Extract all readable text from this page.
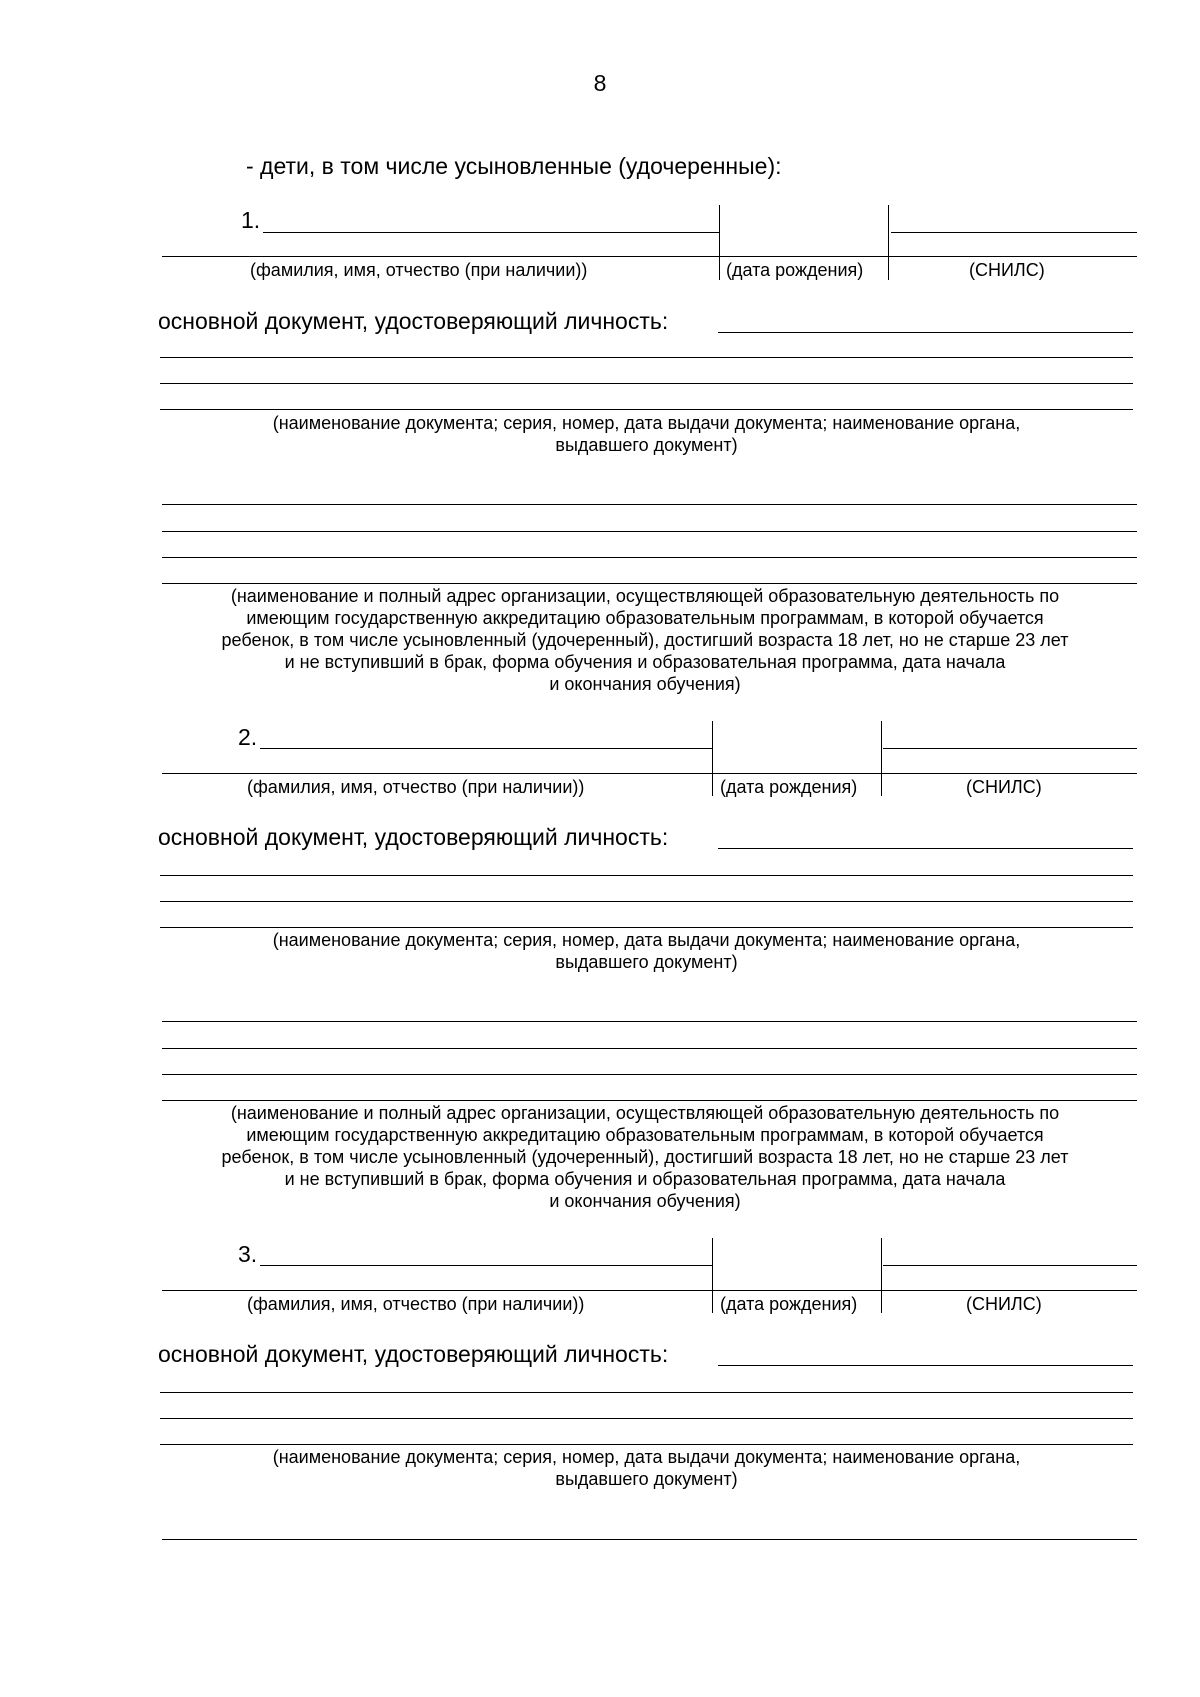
8
- дети, в том числе усыновленные (удочеренные):
1.
(фамилия, имя, отчество (при наличии))	(дата рождения)	(СНИЛС)
основной документ, удостоверяющий личность:
(наименование документа; серия, номер, дата выдачи документа; наименование органа,
выдавшего документ)
(наименование и полный адрес организации, осуществляющей образовательную деятельность по
имеющим государственную аккредитацию образовательным программам, в которой обучается
ребенок, в том числе усыновленный (удочеренный), достигший возраста 18 лет, но не старше 23 лет
и не вступивший в брак, форма обучения и образовательная программа, дата начала
и окончания обучения)
2.
(фамилия, имя, отчество (при наличии))	(дата рождения)	(СНИЛС)
основной документ, удостоверяющий личность:
(наименование документа; серия, номер, дата выдачи документа; наименование органа,
выдавшего документ)
(наименование и полный адрес организации, осуществляющей образовательную деятельность по
имеющим государственную аккредитацию образовательным программам, в которой обучается
ребенок, в том числе усыновленный (удочеренный), достигший возраста 18 лет, но не старше 23 лет
и не вступивший в брак, форма обучения и образовательная программа, дата начала
и окончания обучения)
3.
(фамилия, имя, отчество (при наличии))	(дата рождения)	(СНИЛС)
основной документ, удостоверяющий личность:
(наименование документа; серия, номер, дата выдачи документа; наименование органа,
выдавшего документ)
